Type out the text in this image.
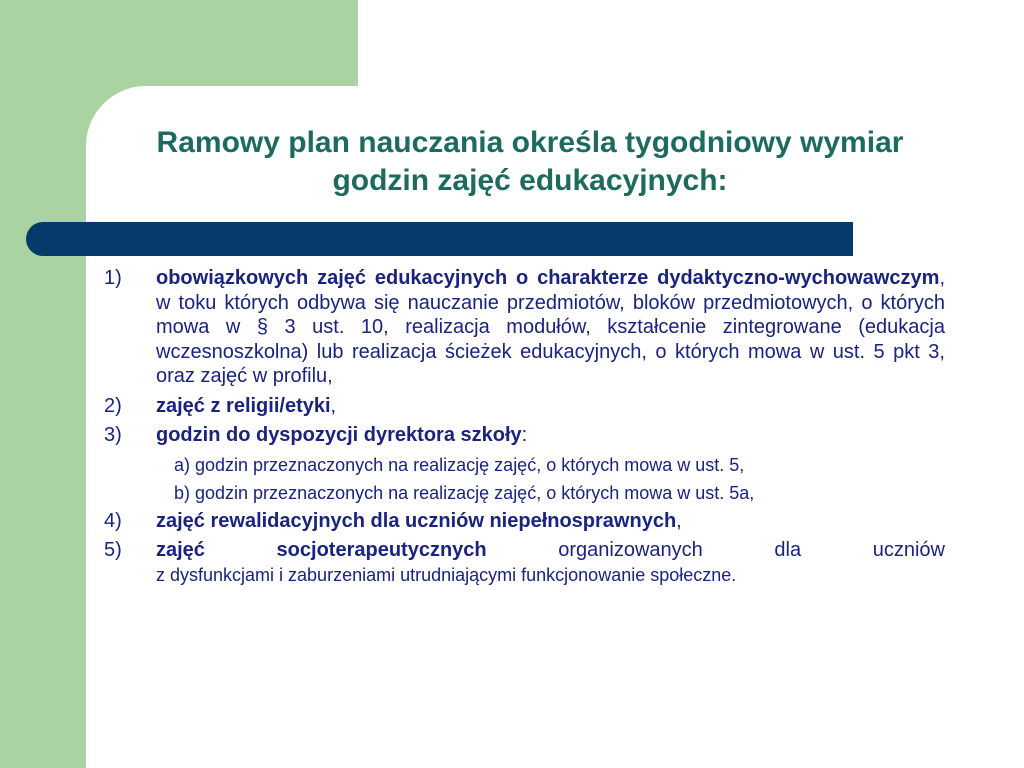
Ramowy plan nauczania określa tygodniowy wymiar
godzin zajęć edukacyjnych:
1) obowiązkowych zajęć edukacyjnych o charakterze dydaktyczno-wychowawczym, w toku których odbywa się nauczanie przedmiotów, bloków przedmiotowych, o których mowa w § 3 ust. 10, realizacja modułów, kształcenie zintegrowane (edukacja wczesnoszkolna) lub realizacja ścieżek edukacyjnych, o których mowa w ust. 5 pkt 3, oraz zajęć w profilu,
2) zajęć z religii/etyki,
3) godzin do dyspozycji dyrektora szkoły:
a) godzin przeznaczonych na realizację zajęć, o których mowa w ust. 5,
b) godzin przeznaczonych na realizację zajęć, o których mowa w ust. 5a,
4) zajęć rewalidacyjnych dla uczniów niepełnosprawnych,
5) zajęć socjoterapeutycznych organizowanych dla uczniów
z dysfunkcjami i zaburzeniami utrudniającymi funkcjonowanie społeczne.
